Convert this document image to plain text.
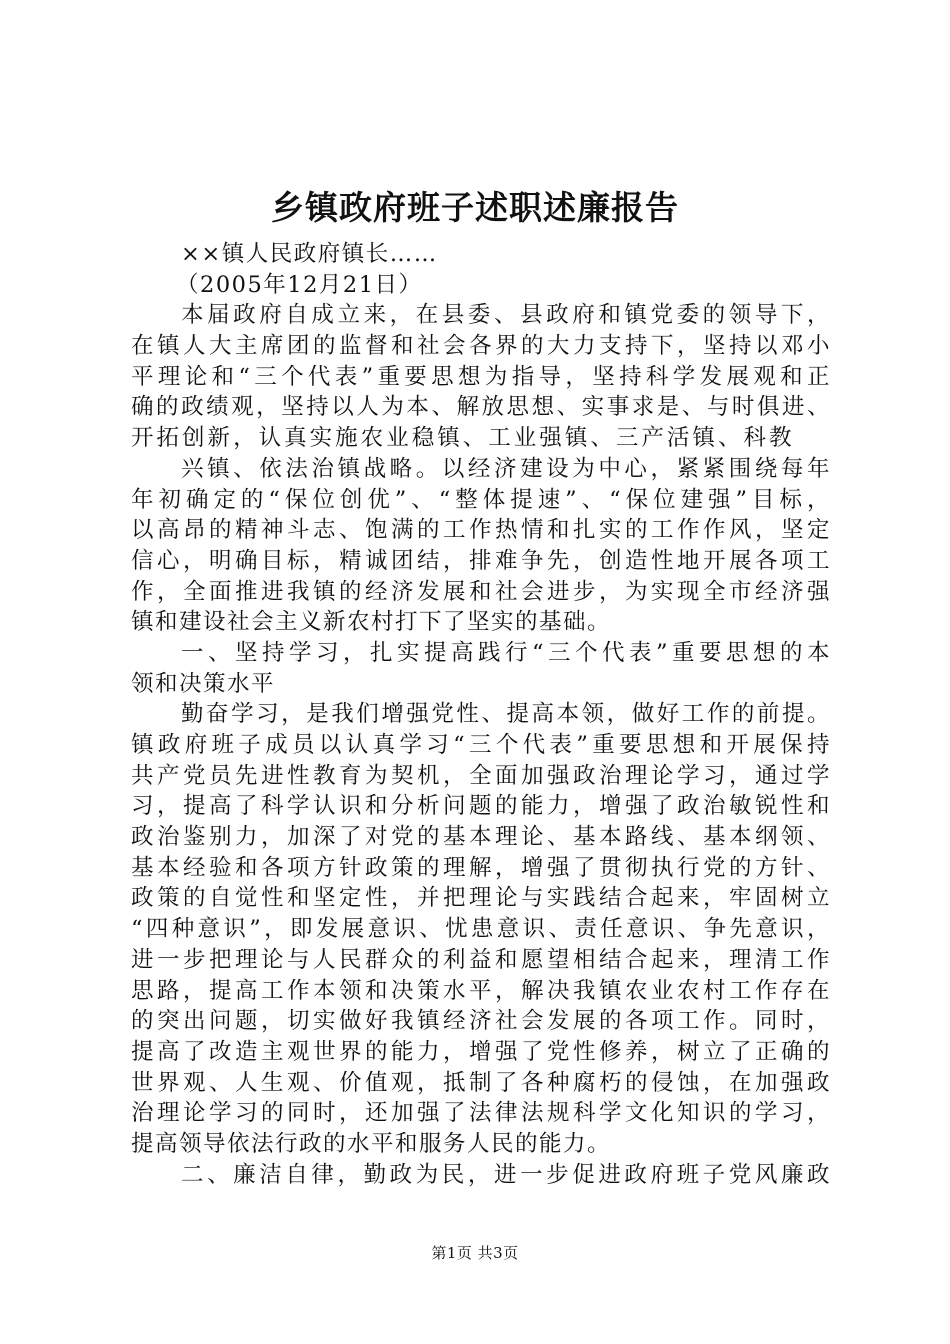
乡镇政府班子述职述廉报告
××镇人民政府镇长……
（2005年12月21日）
本届政府自成立来，在县委、县政府和镇党委的领导下，
在镇人大主席团的监督和社会各界的大力支持下，坚持以邓小
平理论和“三个代表”重要思想为指导，坚持科学发展观和正
确的政绩观，坚持以人为本、解放思想、实事求是、与时俱进、
开拓创新，认真实施农业稳镇、工业强镇、三产活镇、科教
兴镇、依法治镇战略。以经济建设为中心，紧紧围绕每年
年初确定的“保位创优”、“整体提速”、“保位建强”目标，
以高昂的精神斗志、饱满的工作热情和扎实的工作作风，坚定
信心，明确目标，精诚团结，排难争先，创造性地开展各项工
作，全面推进我镇的经济发展和社会进步，为实现全市经济强
镇和建设社会主义新农村打下了坚实的基础。
一、坚持学习，扎实提高践行“三个代表”重要思想的本
领和决策水平
勤奋学习，是我们增强党性、提高本领，做好工作的前提。
镇政府班子成员以认真学习“三个代表”重要思想和开展保持
共产党员先进性教育为契机，全面加强政治理论学习，通过学
习，提高了科学认识和分析问题的能力，增强了政治敏锐性和
政治鉴别力，加深了对党的基本理论、基本路线、基本纲领、
基本经验和各项方针政策的理解，增强了贯彻执行党的方针、
政策的自觉性和坚定性，并把理论与实践结合起来，牢固树立
“四种意识”，即发展意识、忧患意识、责任意识、争先意识，
进一步把理论与人民群众的利益和愿望相结合起来，理清工作
思路，提高工作本领和决策水平，解决我镇农业农村工作存在
的突出问题，切实做好我镇经济社会发展的各项工作。同时，
提高了改造主观世界的能力，增强了党性修养，树立了正确的
世界观、人生观、价值观，抵制了各种腐朽的侵蚀，在加强政
治理论学习的同时，还加强了法律法规科学文化知识的学习，
提高领导依法行政的水平和服务人民的能力。
二、廉洁自律，勤政为民，进一步促进政府班子党风廉政
第1页 共3页
